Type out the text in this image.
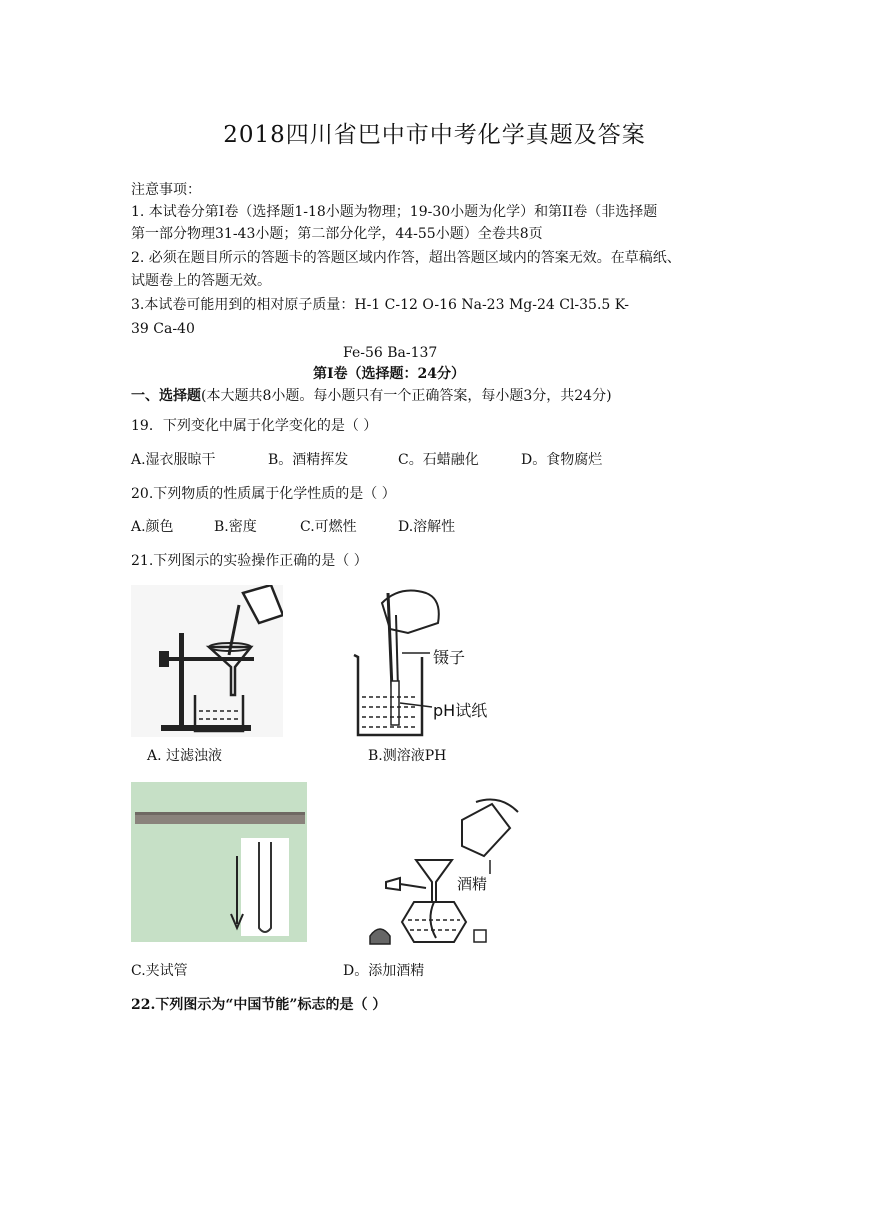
2018四川省巴中市中考化学真题及答案
注意事项：
1. 本试卷分第I卷（选择题1-18小题为物理；19-30小题为化学）和第II卷（非选择题
第一部分物理31-43小题；第二部分化学，44-55小题）全卷共8页
2. 必须在题目所示的答题卡的答题区域内作答，超出答题区域内的答案无效。在草稿纸、
试题卷上的答题无效。
3.本试卷可能用到的相对原子质量：H-1 C-12 O-16 Na-23 Mg-24 Cl-35.5 K-
39 Ca-40
Fe-56 Ba-137
第Ⅰ卷（选择题：24分）
一、选择题(本大题共8小题。每小题只有一个正确答案，每小题3分，共24分)
19．下列变化中属于化学变化的是（ ）
A.湿衣服晾干	B。酒精挥发	C。石蜡融化	D。食物腐烂
20.下列物质的性质属于化学性质的是（ ）
A.颜色	B.密度	C.可燃性	D.溶解性
21.下列图示的实验操作正确的是（ ）
镊子
pH试纸
A. 过滤浊液	B.测溶液PH
酒精
C.夹试管	D。添加酒精
22.下列图示为“中国节能”标志的是（ ）
